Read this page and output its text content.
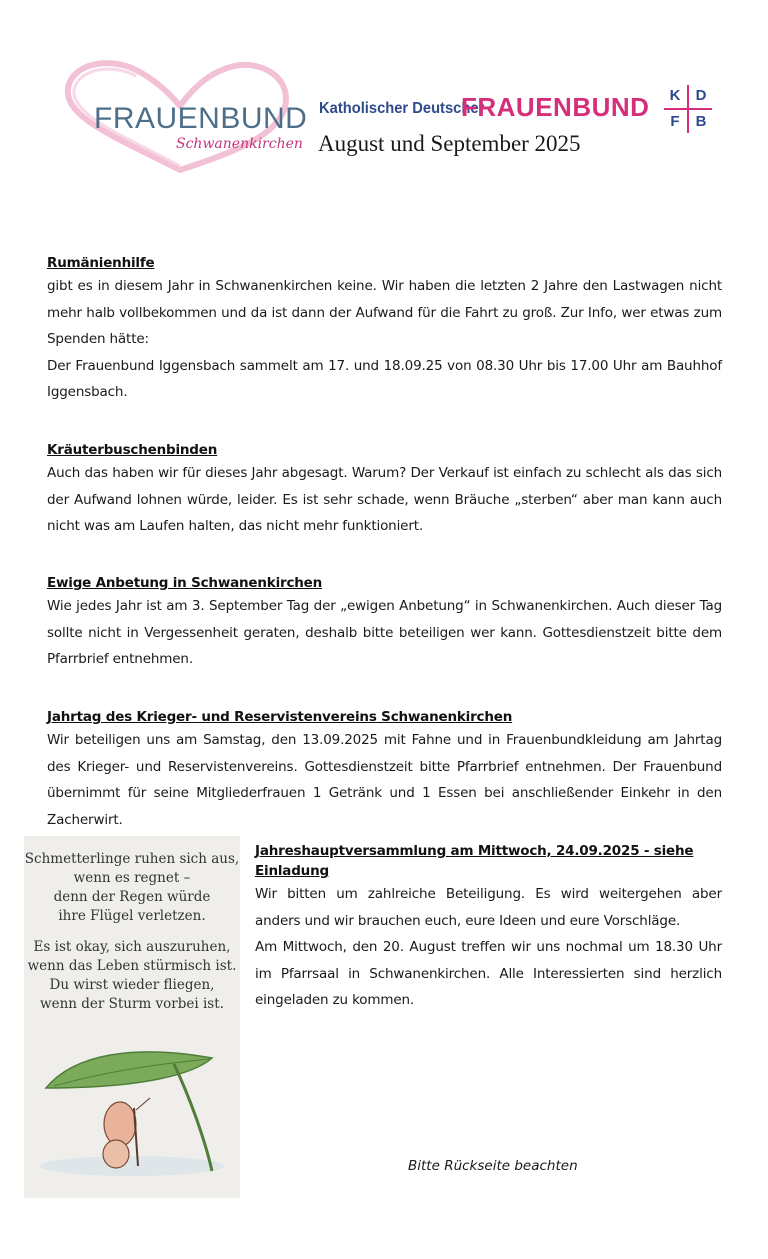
FRAUENBUND
Schwanenkirchen
Katholischer Deutscher
FRAUENBUND
August und September 2025
K	D
F	B

Rumänienhilfe

gibt es in diesem Jahr in Schwanenkirchen keine. Wir haben die letzten 2 Jahre den Lastwagen nicht mehr halb vollbekommen und da ist dann der Aufwand für die Fahrt zu groß. Zur Info, wer etwas zum Spenden hätte:

Der Frauenbund Iggensbach sammelt am 17. und 18.09.25 von 08.30 Uhr bis 17.00 Uhr am Bauhhof Iggensbach.

Kräuterbuschenbinden

Auch das haben wir für dieses Jahr abgesagt. Warum? Der Verkauf ist einfach zu schlecht als das sich der Aufwand lohnen würde, leider. Es ist sehr schade, wenn Bräuche „sterben“ aber man kann auch nicht was am Laufen halten, das nicht mehr funktioniert.

Ewige Anbetung in Schwanenkirchen

Wie jedes Jahr ist am 3. September Tag der „ewigen Anbetung“ in Schwanenkirchen. Auch dieser Tag sollte nicht in Vergessenheit geraten, deshalb bitte beteiligen wer kann. Gottesdienstzeit bitte dem Pfarrbrief entnehmen.

Jahrtag des Krieger- und Reservistenvereins Schwanenkirchen

Wir beteiligen uns am Samstag, den 13.09.2025 mit Fahne und in Frauenbundkleidung am Jahrtag des Krieger- und Reservistenvereins. Gottesdienstzeit bitte Pfarrbrief entnehmen. Der Frauenbund übernimmt für seine Mitgliederfrauen 1 Getränk und 1 Essen bei anschließender Einkehr in den Zacherwirt.

Schmetterlinge ruhen sich aus,
wenn es regnet –
denn der Regen würde
ihre Flügel verletzen.

Es ist okay, sich auszuruhen,
wenn das Leben stürmisch ist.
Du wirst wieder fliegen,
wenn der Sturm vorbei ist.

Jahreshauptversammlung am Mittwoch, 24.09.2025 - siehe Einladung

Wir bitten um zahlreiche Beteiligung. Es wird weitergehen aber anders und wir brauchen euch, eure Ideen und eure Vorschläge.

Am Mittwoch, den 20. August treffen wir uns nochmal um 18.30 Uhr im Pfarrsaal in Schwanenkirchen. Alle Interessierten sind herzlich eingeladen zu kommen.

Bitte Rückseite beachten
